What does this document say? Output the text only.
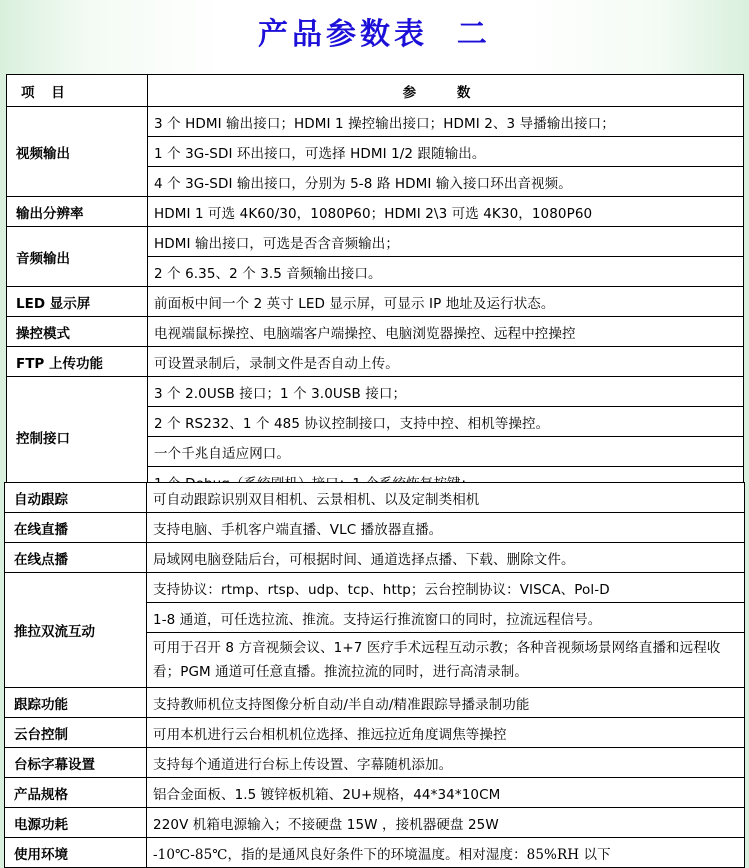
产品参数表  二
项 目	参 数
视频输出	3 个 HDMI 输出接口；HDMI 1 操控输出接口；HDMI 2、3 导播输出接口；
	1 个 3G-SDI 环出接口，可选择 HDMI 1/2 跟随输出。
	4 个 3G-SDI 输出接口，分别为 5-8 路 HDMI 输入接口环出音视频。
输出分辨率	HDMI 1 可选 4K60/30，1080P60；HDMI 2\3 可选 4K30，1080P60
音频输出	HDMI 输出接口，可选是否含音频输出；
	2 个 6.35、2 个 3.5 音频输出接口。
LED 显示屏	前面板中间一个 2 英寸 LED 显示屏，可显示 IP 地址及运行状态。
操控模式	电视端鼠标操控、电脑端客户端操控、电脑浏览器操控、远程中控操控
FTP 上传功能	可设置录制后，录制文件是否自动上传。
控制接口	3 个 2.0USB 接口；1 个 3.0USB 接口；
	2 个 RS232、1 个 485 协议控制接口，支持中控、相机等操控。
	一个千兆自适应网口。

自动跟踪	可自动跟踪识别双目相机、云景相机、以及定制类相机
在线直播	支持电脑、手机客户端直播、VLC 播放器直播。
在线点播	局域网电脑登陆后台，可根据时间、通道选择点播、下载、删除文件。
推拉双流互动	支持协议：rtmp、rtsp、udp、tcp、http；云台控制协议：VISCA、Pol-D
	1-8 通道，可任选拉流、推流。支持运行推流窗口的同时，拉流远程信号。
	可用于召开 8 方音视频会议、1+7 医疗手术远程互动示教；各种音视频场景网络直播和远程收看；PGM 通道可任意直播。推流拉流的同时，进行高清录制。
跟踪功能	支持教师机位支持图像分析自动/半自动/精准跟踪导播录制功能
云台控制	可用本机进行云台相机机位选择、推远拉近角度调焦等操控
台标字幕设置	支持每个通道进行台标上传设置、字幕随机添加。
产品规格	铝合金面板、1.5 镀锌板机箱、2U+规格，44*34*10CM
电源功耗	220V 机箱电源输入；不接硬盘 15W ，接机器硬盘 25W
使用环境	-10℃-85℃，指的是通风良好条件下的环境温度。相对湿度：85%RH 以下
